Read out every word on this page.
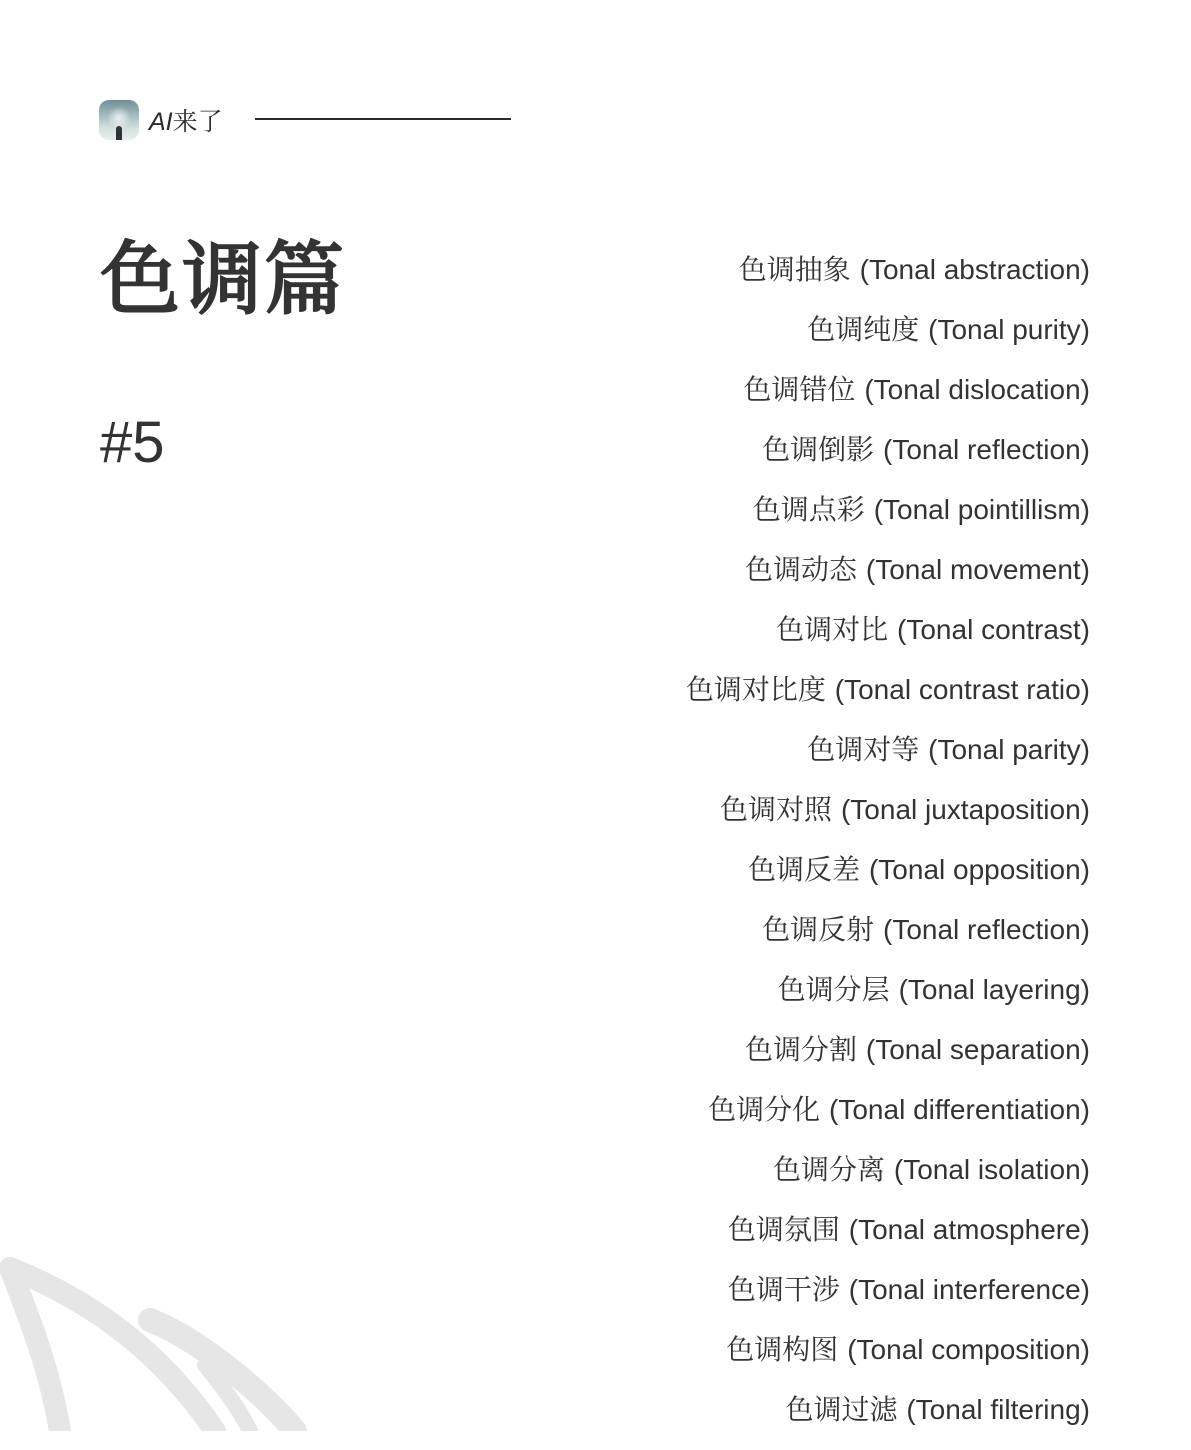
AI来了
色调篇
#5
色调抽象 (Tonal abstraction)
色调纯度 (Tonal purity)
色调错位 (Tonal dislocation)
色调倒影 (Tonal reflection)
色调点彩 (Tonal pointillism)
色调动态 (Tonal movement)
色调对比 (Tonal contrast)
色调对比度 (Tonal contrast ratio)
色调对等 (Tonal parity)
色调对照 (Tonal juxtaposition)
色调反差 (Tonal opposition)
色调反射 (Tonal reflection)
色调分层 (Tonal layering)
色调分割 (Tonal separation)
色调分化 (Tonal differentiation)
色调分离 (Tonal isolation)
色调氛围 (Tonal atmosphere)
色调干涉 (Tonal interference)
色调构图 (Tonal composition)
色调过滤 (Tonal filtering)
